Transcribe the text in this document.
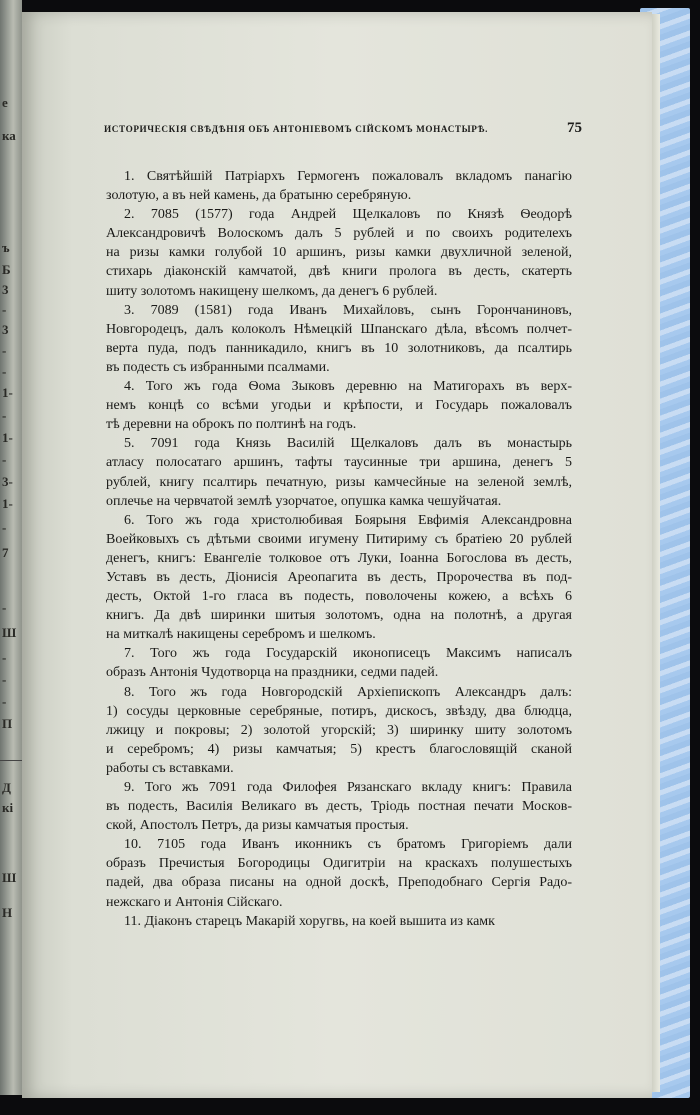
е
ка
ъ
Б
3
-
3
-
-
1-
-
1-
-
3-
1-
-
7
-
Ш
-
-
-
П
Д
кі
Ш
Н
ИСТОРИЧЕСКІЯ СВѢДѢНІЯ ОБЪ АНТОНІЕВОМЪ СІЙСКОМЪ МОНАСТЫРѢ.	75
1. Святѣйшій Патріархъ Гермогенъ пожаловалъ вкладомъ панагію
золотую, а въ ней камень, да братыню серебряную.
2. 7085 (1577) года Андрей Щелкаловъ по Князѣ Ѳеодорѣ
Александровичѣ Волоскомъ далъ 5 рублей и по своихъ родителехъ
на ризы камки голубой 10 аршинъ, ризы камки двухличной зеленой,
стихарь діаконскій камчатой, двѣ книги пролога въ десть, скатерть
шиту золотомъ накищену шелкомъ, да денегъ 6 рублей.
3. 7089 (1581) года Иванъ Михайловъ, сынъ Горончаниновъ,
Новгородецъ, далъ колоколъ Нѣмецкій Шпанскаго дѣла, вѣсомъ полчет-
верта пуда, подъ панникадило, книгъ въ 10 золотниковъ, да псалтирь
въ подесть съ избранными псалмами.
4. Того жъ года Ѳома Зыковъ деревню на Матигорахъ въ верх-
немъ концѣ со всѣми угодьи и крѣпости, и Государь пожаловалъ
тѣ деревни на оброкъ по полтинѣ на годъ.
5. 7091 года Князь Василій Щелкаловъ далъ въ монастырь
атласу полосатаго аршинъ, тафты таусинные три аршина, денегъ 5
рублей, книгу псалтирь печатную, ризы камчесйные на зеленой землѣ,
оплечье на червчатой землѣ узорчатое, опушка камка чешуйчатая.
6. Того жъ года христолюбивая Боярыня Евфимія Александровна
Воейковыхъ съ дѣтьми своими игумену Питириму съ братіею 20 рублей
денегъ, книгъ: Евангеліе толковое отъ Луки, Іоанна Богослова въ десть,
Уставъ въ десть, Діонисія Ареопагита въ десть, Пророчества въ под-
десть, Октой 1-го гласа въ подесть, поволочены кожею, а всѣхъ 6
книгъ. Да двѣ ширинки шитыя золотомъ, одна на полотнѣ, а другая
на миткалѣ накищены серебромъ и шелкомъ.
7. Того жъ года Государскій иконописецъ Максимъ написалъ
образъ Антонія Чудотворца на праздники, седми падей.
8. Того жъ года Новгородскій Архіепископъ Александръ далъ:
1) сосуды церковные серебряные, потиръ, дискосъ, звѣзду, два блюдца,
лжицу и покровы; 2) золотой угорскій; 3) ширинку шиту золотомъ
и серебромъ; 4) ризы камчатыя; 5) крестъ благословящій сканой
работы съ вставками.
9. Того жъ 7091 года Филофея Рязанскаго вкладу книгъ: Правила
въ подесть, Василія Великаго въ десть, Тріодь постная печати Москов-
ской, Апостолъ Петръ, да ризы камчатыя простыя.
10. 7105 года Иванъ иконникъ съ братомъ Григоріемъ дали
образъ Пречистыя Богородицы Одигитріи на краскахъ полушестыхъ
падей, два образа писаны на одной доскѣ, Преподобнаго Сергія Радо-
нежскаго и Антонія Сійскаго.
11. Діаконъ старецъ Макарій хоругвь, на коей вышита из камк
